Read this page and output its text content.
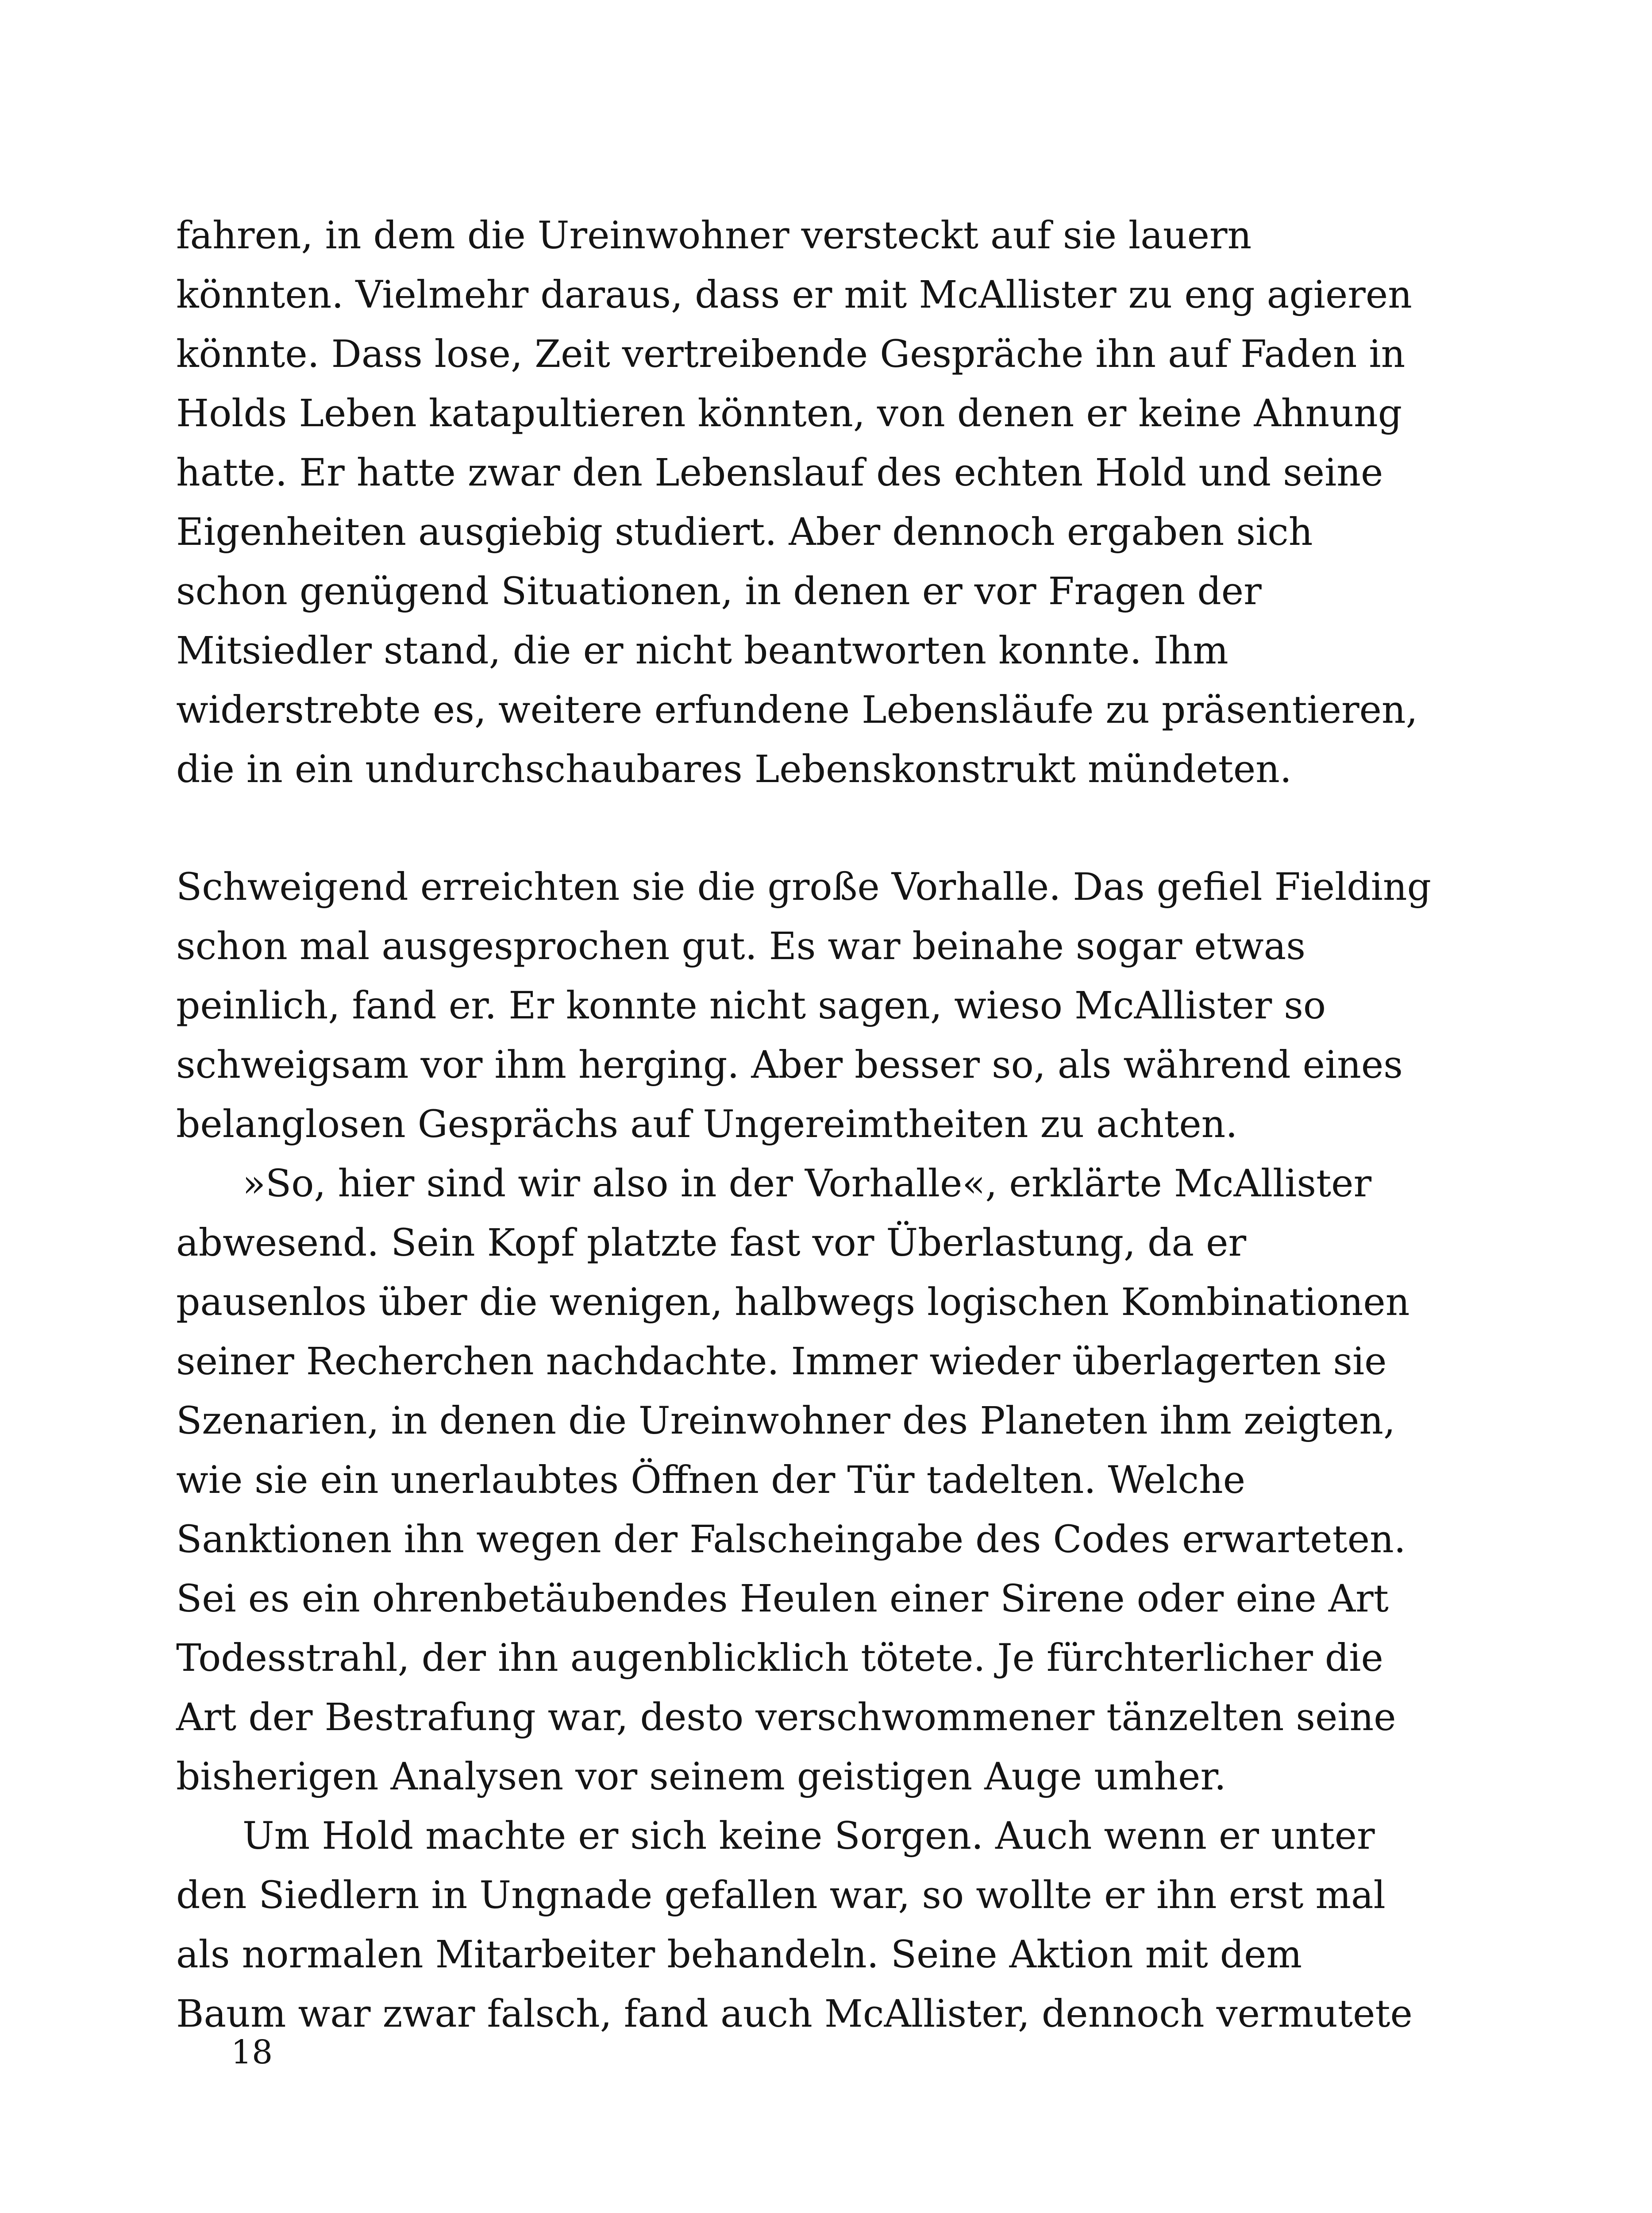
fahren, in dem die Ureinwohner versteckt auf sie lauern
könnten. Vielmehr daraus, dass er mit McAllister zu eng agieren
könnte. Dass lose, Zeit vertreibende Gespräche ihn auf Faden in
Holds Leben katapultieren könnten, von denen er keine Ahnung
hatte. Er hatte zwar den Lebenslauf des echten Hold und seine
Eigenheiten ausgiebig studiert. Aber dennoch ergaben sich
schon genügend Situationen, in denen er vor Fragen der
Mitsiedler stand, die er nicht beantworten konnte. Ihm
widerstrebte es, weitere erfundene Lebensläufe zu präsentieren,
die in ein undurchschaubares Lebenskonstrukt mündeten.
Schweigend erreichten sie die große Vorhalle. Das gefiel Fielding
schon mal ausgesprochen gut. Es war beinahe sogar etwas
peinlich, fand er. Er konnte nicht sagen, wieso McAllister so
schweigsam vor ihm herging. Aber besser so, als während eines
belanglosen Gesprächs auf Ungereimtheiten zu achten.
»So, hier sind wir also in der Vorhalle«, erklärte McAllister
abwesend. Sein Kopf platzte fast vor Überlastung, da er
pausenlos über die wenigen, halbwegs logischen Kombinationen
seiner Recherchen nachdachte. Immer wieder überlagerten sie
Szenarien, in denen die Ureinwohner des Planeten ihm zeigten,
wie sie ein unerlaubtes Öffnen der Tür tadelten. Welche
Sanktionen ihn wegen der Falscheingabe des Codes erwarteten.
Sei es ein ohrenbetäubendes Heulen einer Sirene oder eine Art
Todesstrahl, der ihn augenblicklich tötete. Je fürchterlicher die
Art der Bestrafung war, desto verschwommener tänzelten seine
bisherigen Analysen vor seinem geistigen Auge umher.
Um Hold machte er sich keine Sorgen. Auch wenn er unter
den Siedlern in Ungnade gefallen war, so wollte er ihn erst mal
als normalen Mitarbeiter behandeln. Seine Aktion mit dem
Baum war zwar falsch, fand auch McAllister, dennoch vermutete
18
